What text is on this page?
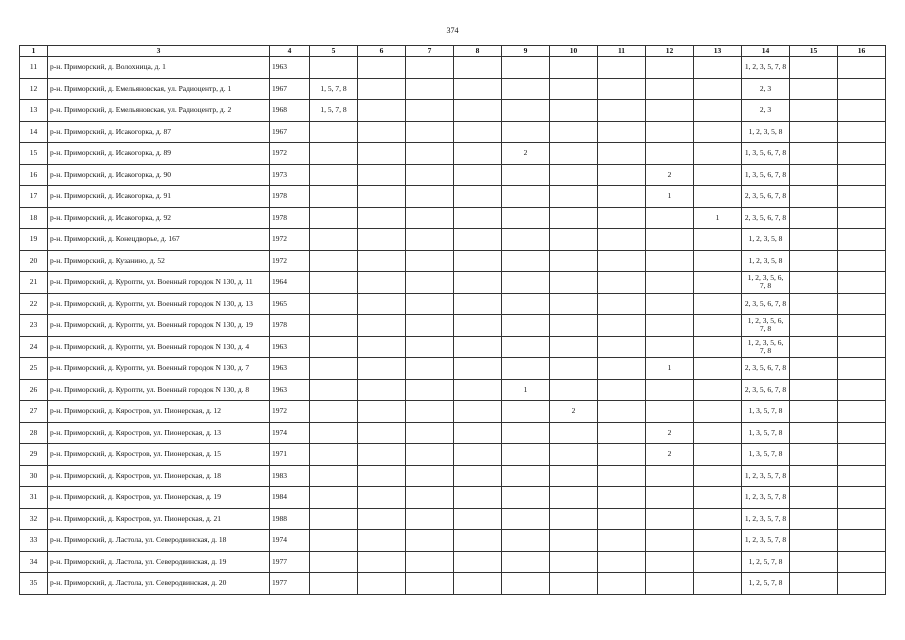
374
1	3	4	5	6	7	8	9	10	11	12	13	14	15	16
11	р-н. Приморский, д. Волохница, д. 1	1963										1, 2, 3, 5, 7, 8		
12	р-н. Приморский, д. Емельяновская, ул. Радиоцентр, д. 1	1967	1, 5, 7, 8									2, 3		
13	р-н. Приморский, д. Емельяновская, ул. Радиоцентр, д. 2	1968	1, 5, 7, 8									2, 3		
14	р-н. Приморский, д. Исакогорка, д. 87	1967										1, 2, 3, 5, 8		
15	р-н. Приморский, д. Исакогорка, д. 89	1972					2					1, 3, 5, 6, 7, 8		
16	р-н. Приморский, д. Исакогорка, д. 90	1973								2		1, 3, 5, 6, 7, 8		
17	р-н. Приморский, д. Исакогорка, д. 91	1978								1		2, 3, 5, 6, 7, 8		
18	р-н. Приморский, д. Исакогорка, д. 92	1978									1	2, 3, 5, 6, 7, 8		
19	р-н. Приморский, д. Конецдворье, д. 167	1972										1, 2, 3, 5, 8		
20	р-н. Приморский, д. Кузанино, д. 52	1972										1, 2, 3, 5, 8		
21	р-н. Приморский, д. Куропти, ул. Военный городок N 130, д. 11	1964										1, 2, 3, 5, 6, 7, 8		
22	р-н. Приморский, д. Куропти, ул. Военный городок N 130, д. 13	1965										2, 3, 5, 6, 7, 8		
23	р-н. Приморский, д. Куропти, ул. Военный городок N 130, д. 19	1978										1, 2, 3, 5, 6, 7, 8		
24	р-н. Приморский, д. Куропти, ул. Военный городок N 130, д. 4	1963										1, 2, 3, 5, 6, 7, 8		
25	р-н. Приморский, д. Куропти, ул. Военный городок N 130, д. 7	1963								1		2, 3, 5, 6, 7, 8		
26	р-н. Приморский, д. Куропти, ул. Военный городок N 130, д. 8	1963					1					2, 3, 5, 6, 7, 8		
27	р-н. Приморский, д. Кяростров, ул. Пионерская, д. 12	1972						2				1, 3, 5, 7, 8		
28	р-н. Приморский, д. Кяростров, ул. Пионерская, д. 13	1974								2		1, 3, 5, 7, 8		
29	р-н. Приморский, д. Кяростров, ул. Пионерская, д. 15	1971								2		1, 3, 5, 7, 8		
30	р-н. Приморский, д. Кяростров, ул. Пионерская, д. 18	1983										1, 2, 3, 5, 7, 8		
31	р-н. Приморский, д. Кяростров, ул. Пионерская, д. 19	1984										1, 2, 3, 5, 7, 8		
32	р-н. Приморский, д. Кяростров, ул. Пионерская, д. 21	1988										1, 2, 3, 5, 7, 8		
33	р-н. Приморский, д. Ластола, ул. Северодвинская, д. 18	1974										1, 2, 3, 5, 7, 8		
34	р-н. Приморский, д. Ластола, ул. Северодвинская, д. 19	1977										1, 2, 5, 7, 8		
35	р-н. Приморский, д. Ластола, ул. Северодвинская, д. 20	1977										1, 2, 5, 7, 8		
